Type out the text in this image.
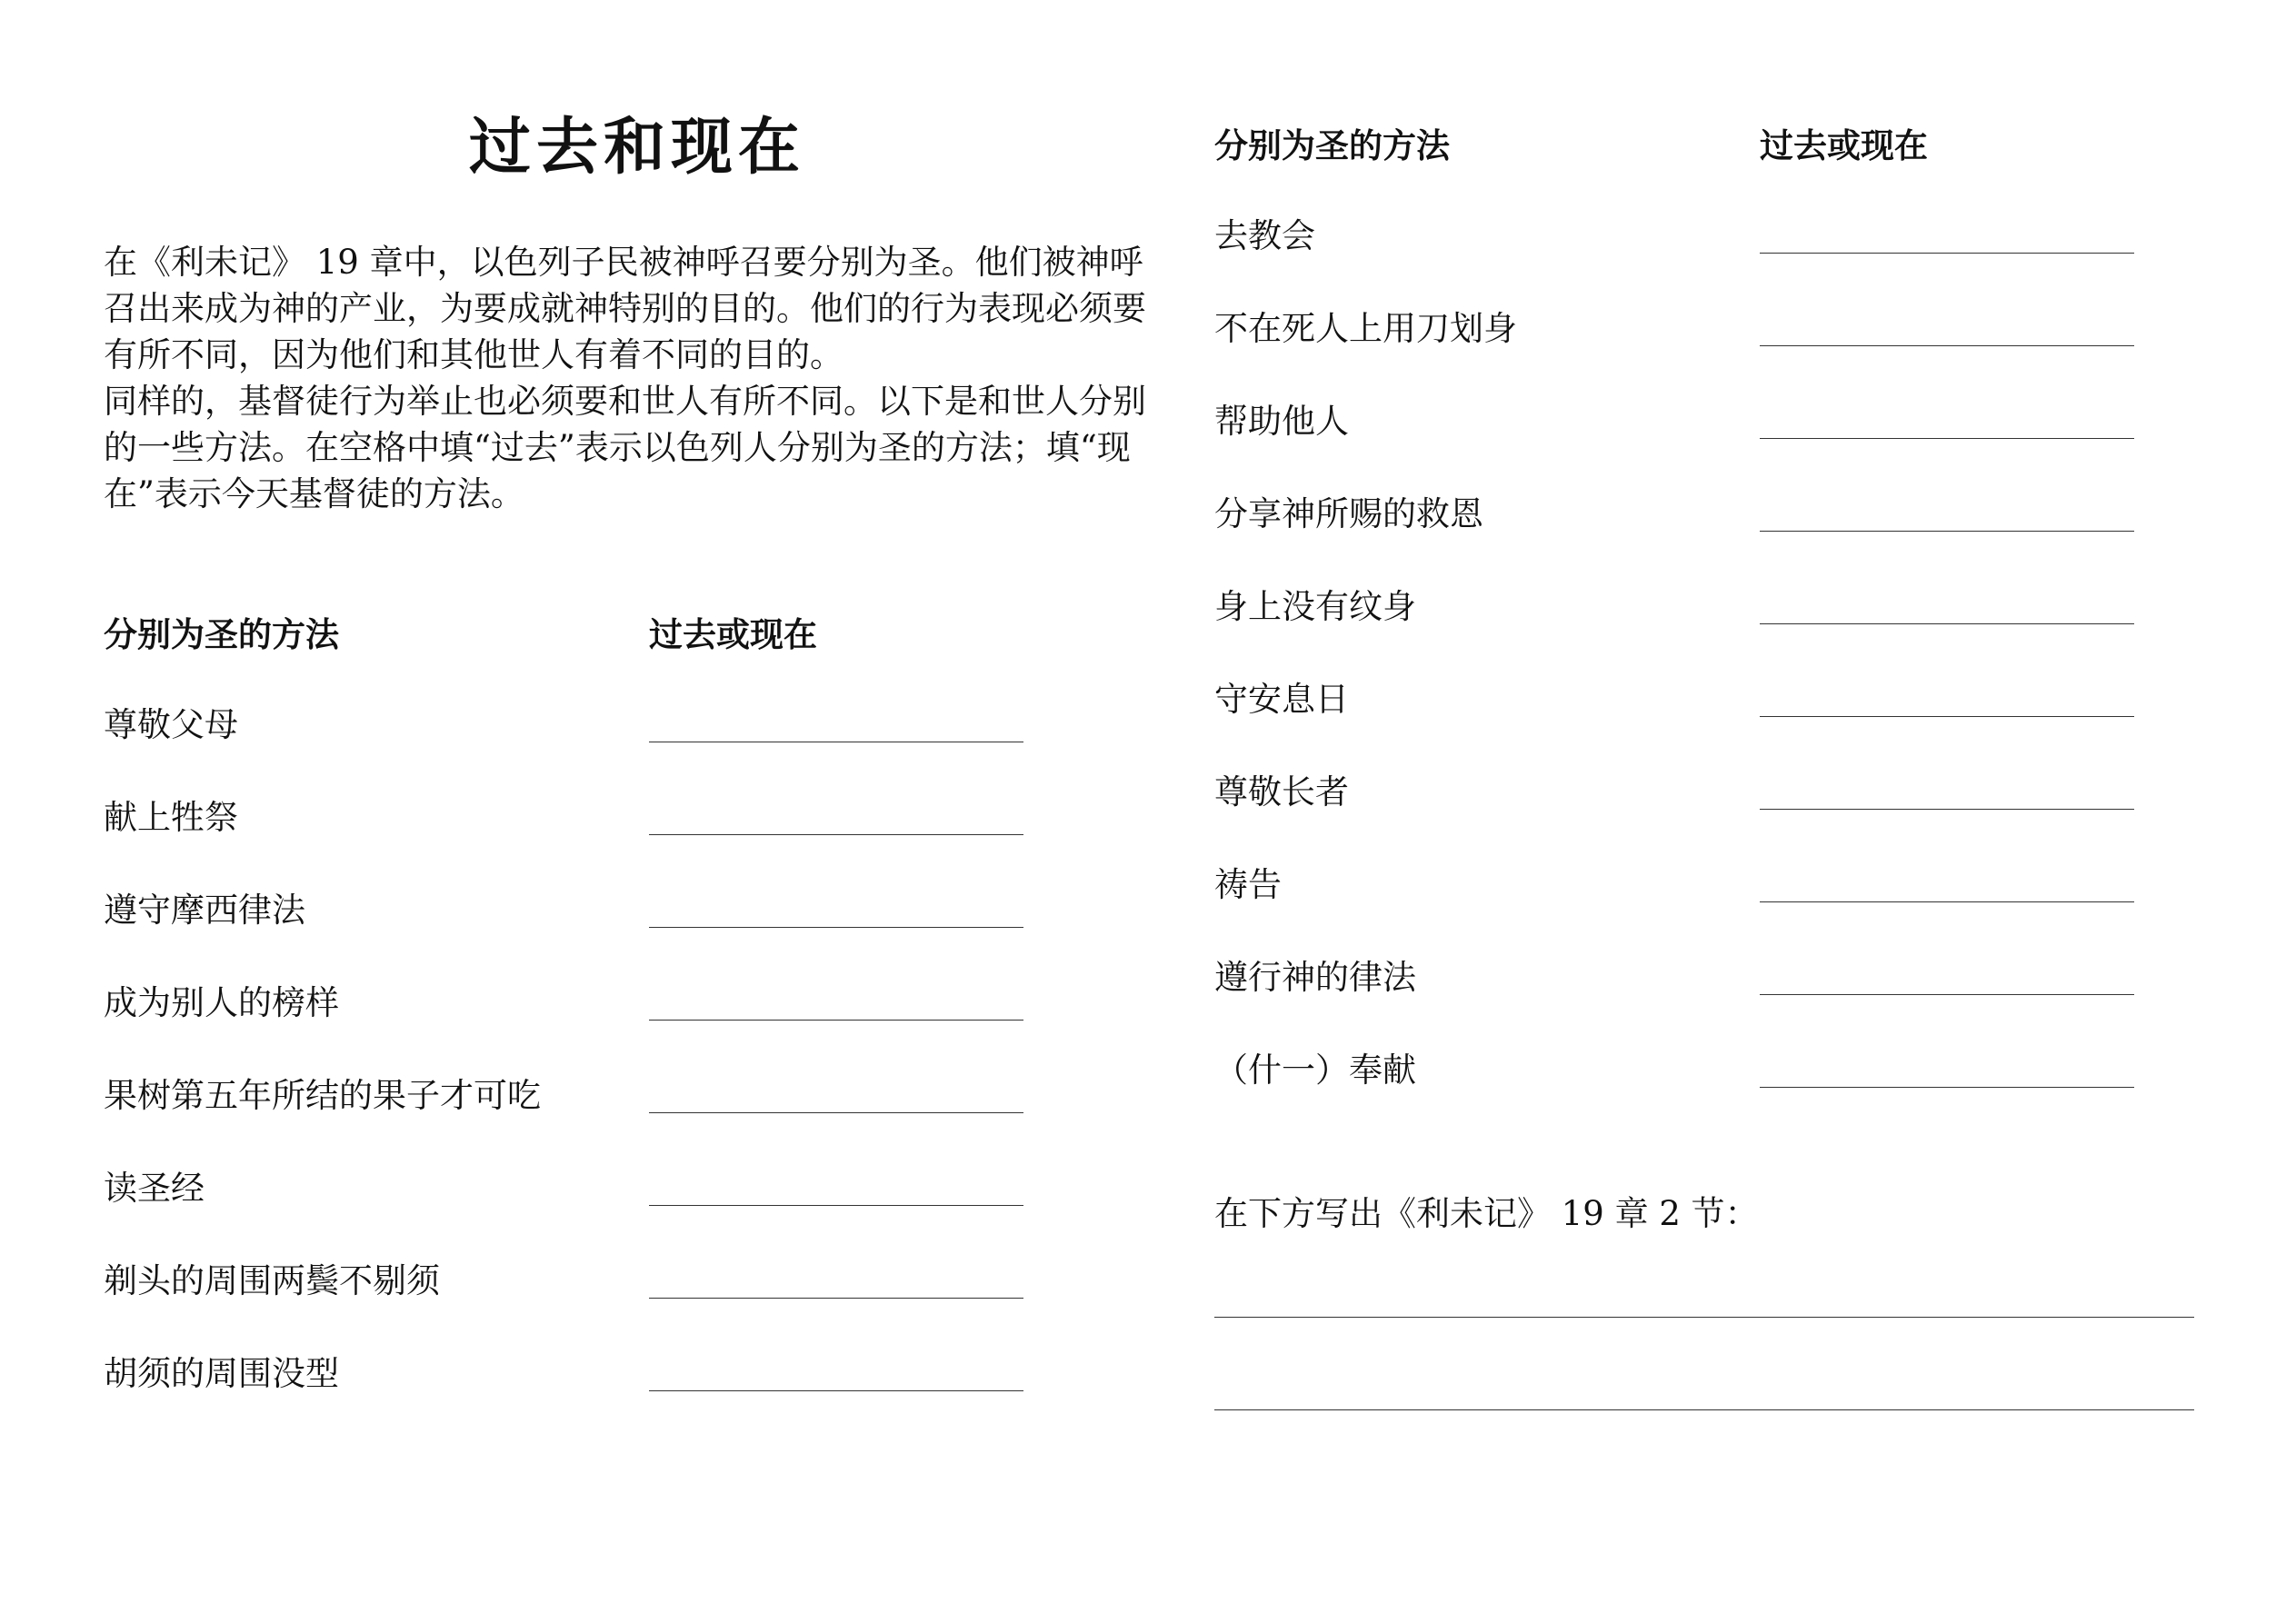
过去和现在

在《利未记》 19 章中，以色列子民被神呼召要分别为圣。他们被神呼召出来成为神的产业，为要成就神特别的目的。他们的行为表现必须要有所不同，因为他们和其他世人有着不同的目的。

同样的，基督徒行为举止也必须要和世人有所不同。以下是和世人分别的一些方法。在空格中填“过去”表示以色列人分别为圣的方法；填“现在”表示今天基督徒的方法。

分别为圣的方法	过去或现在
尊敬父母
献上牲祭
遵守摩西律法
成为别人的榜样
果树第五年所结的果子才可吃
读圣经
剃头的周围两鬓不剔须
胡须的周围没型
分别为圣的方法	过去或现在
去教会
不在死人上用刀划身
帮助他人
分享神所赐的救恩
身上没有纹身
守安息日
尊敬长者
祷告
遵行神的律法
（什一）奉献
在下方写出《利未记》 19 章 2 节：
